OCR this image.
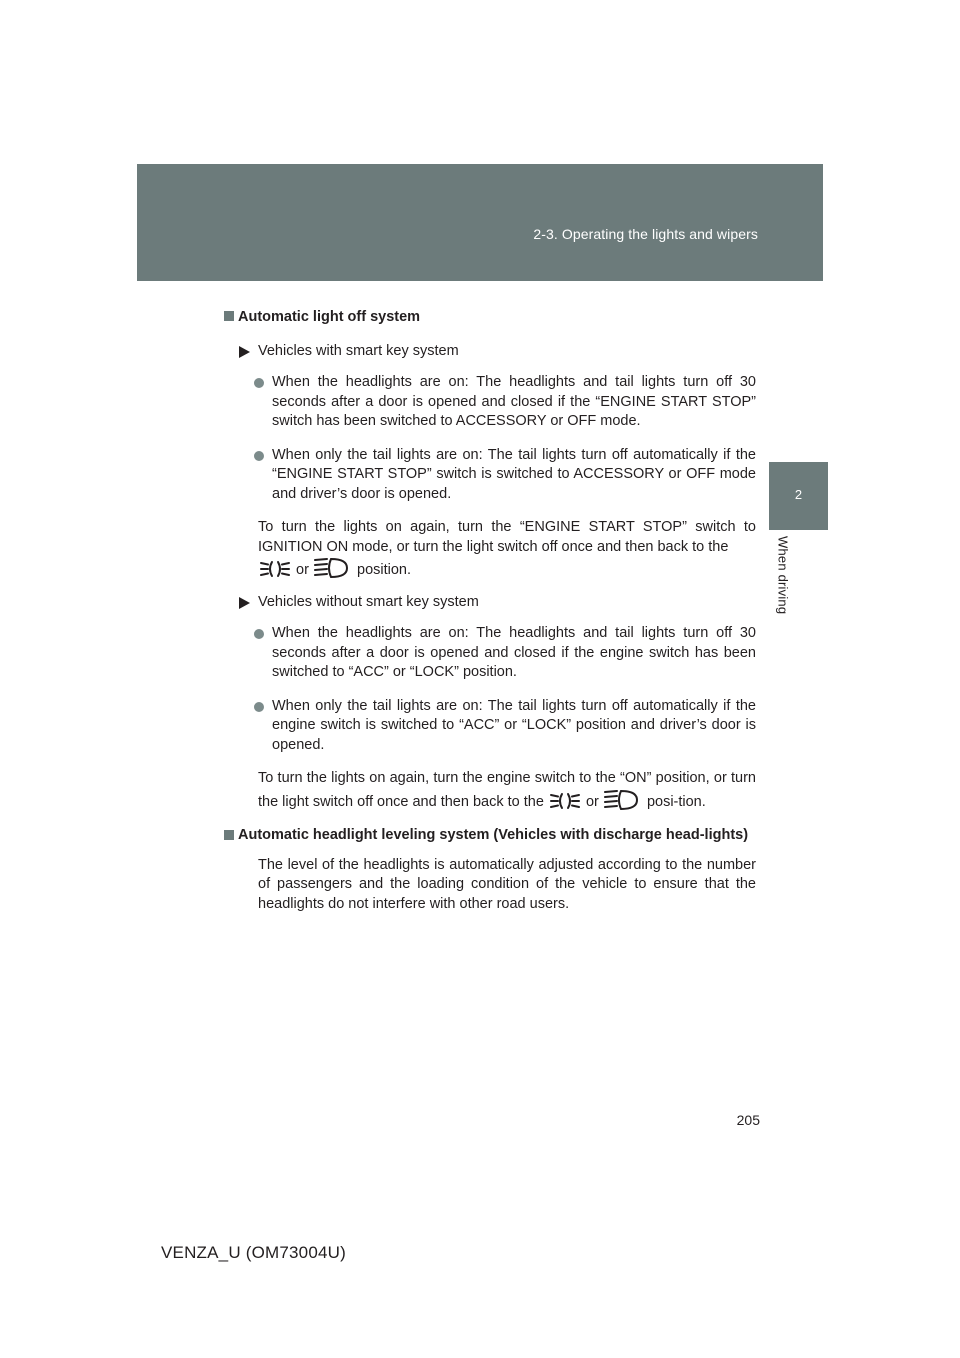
2-3. Operating the lights and wipers
2
When driving
Automatic light off system
Vehicles with smart key system
When the headlights are on: The headlights and tail lights turn off 30 seconds after a door is opened and closed if the “ENGINE START STOP” switch has been switched to ACCESSORY or OFF mode.
When only the tail lights are on: The tail lights turn off automatically if the “ENGINE START STOP” switch is switched to ACCESSORY or OFF mode and driver’s door is opened.
To turn the lights on again, turn the “ENGINE START STOP” switch to IGNITION ON mode, or turn the light switch off once and then back to the
or	position.
Vehicles without smart key system
When the headlights are on: The headlights and tail lights turn off 30 seconds after a door is opened and closed if the engine switch has been switched to “ACC” or “LOCK” position.
When only the tail lights are on: The tail lights turn off automatically if the engine switch is switched to “ACC” or “LOCK” position and driver’s door is opened.
To turn the lights on again, turn the engine switch to the “ON” position, or turn the light switch off once and then back to the	or	posi-tion.
Automatic headlight leveling system (Vehicles with discharge head-lights)
The level of the headlights is automatically adjusted according to the number of passengers and the loading condition of the vehicle to ensure that the headlights do not interfere with other road users.
205
VENZA_U (OM73004U)
